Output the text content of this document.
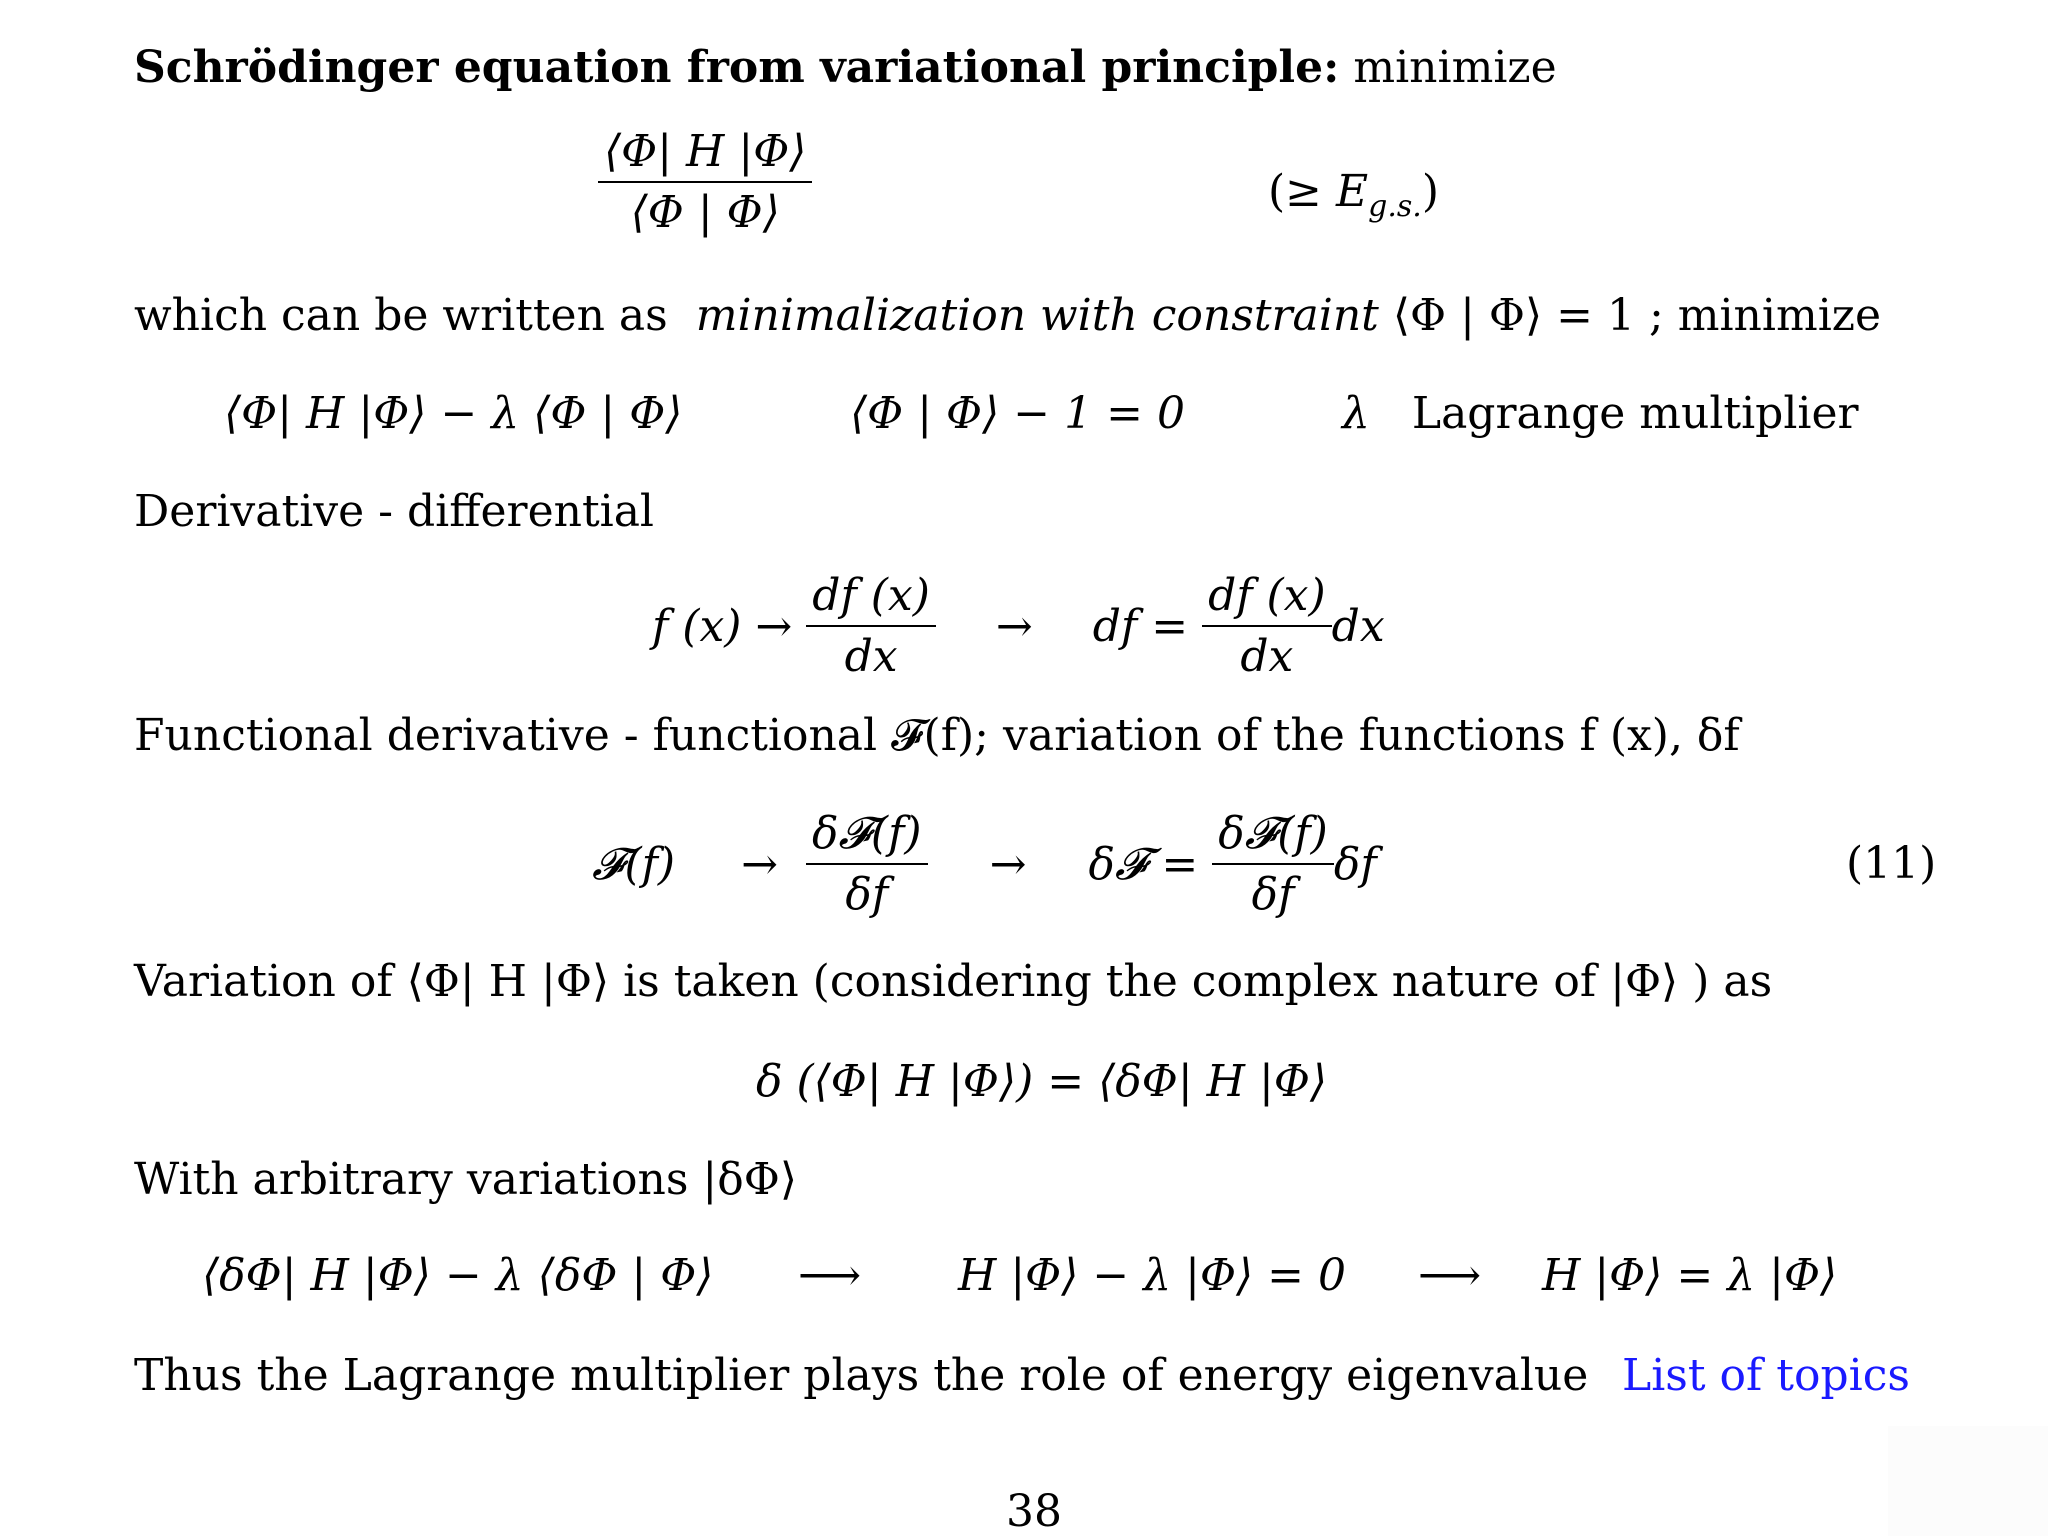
Schrödinger equation from variational principle: minimize
$\frac{⟨\Phi| H |\Phi⟩}{⟨\Phi | \Phi⟩}$	(≥ $E_{g.s.}$)
which can be written as minimalization with constraint ⟨Φ | Φ⟩ = 1 ; minimize
⟨Φ| H |Φ⟩ − λ ⟨Φ | Φ⟩	⟨Φ | Φ⟩ − 1 = 0	λ Lagrange multiplier
Derivative - differential
f (x) →
$\frac{df (x)}{dx}$ → df =
$\frac{df (x)}{dx}$ dx
Functional derivative - functional 𝓕(f); variation of the functions f (x), δf
𝓕(f) → $\frac{\text{δ𝓕(f)}}{\delta f}$ → δ𝓕 =
$\frac{\text{δ𝓕(f)}}{\delta f}$ δf	(11)
Variation of ⟨Φ| H |Φ⟩ is taken (considering the complex nature of |Φ⟩ ) as
δ (⟨Φ| H |Φ⟩) = ⟨δΦ| H |Φ⟩
With arbitrary variations |δΦ⟩
⟨δΦ| H |Φ⟩ − λ ⟨δΦ | Φ⟩ ⟶ H |Φ⟩ − λ |Φ⟩ = 0 ⟶ H |Φ⟩ = λ |Φ⟩
Thus the Lagrange multiplier plays the role of energy eigenvalue List of topics
38
